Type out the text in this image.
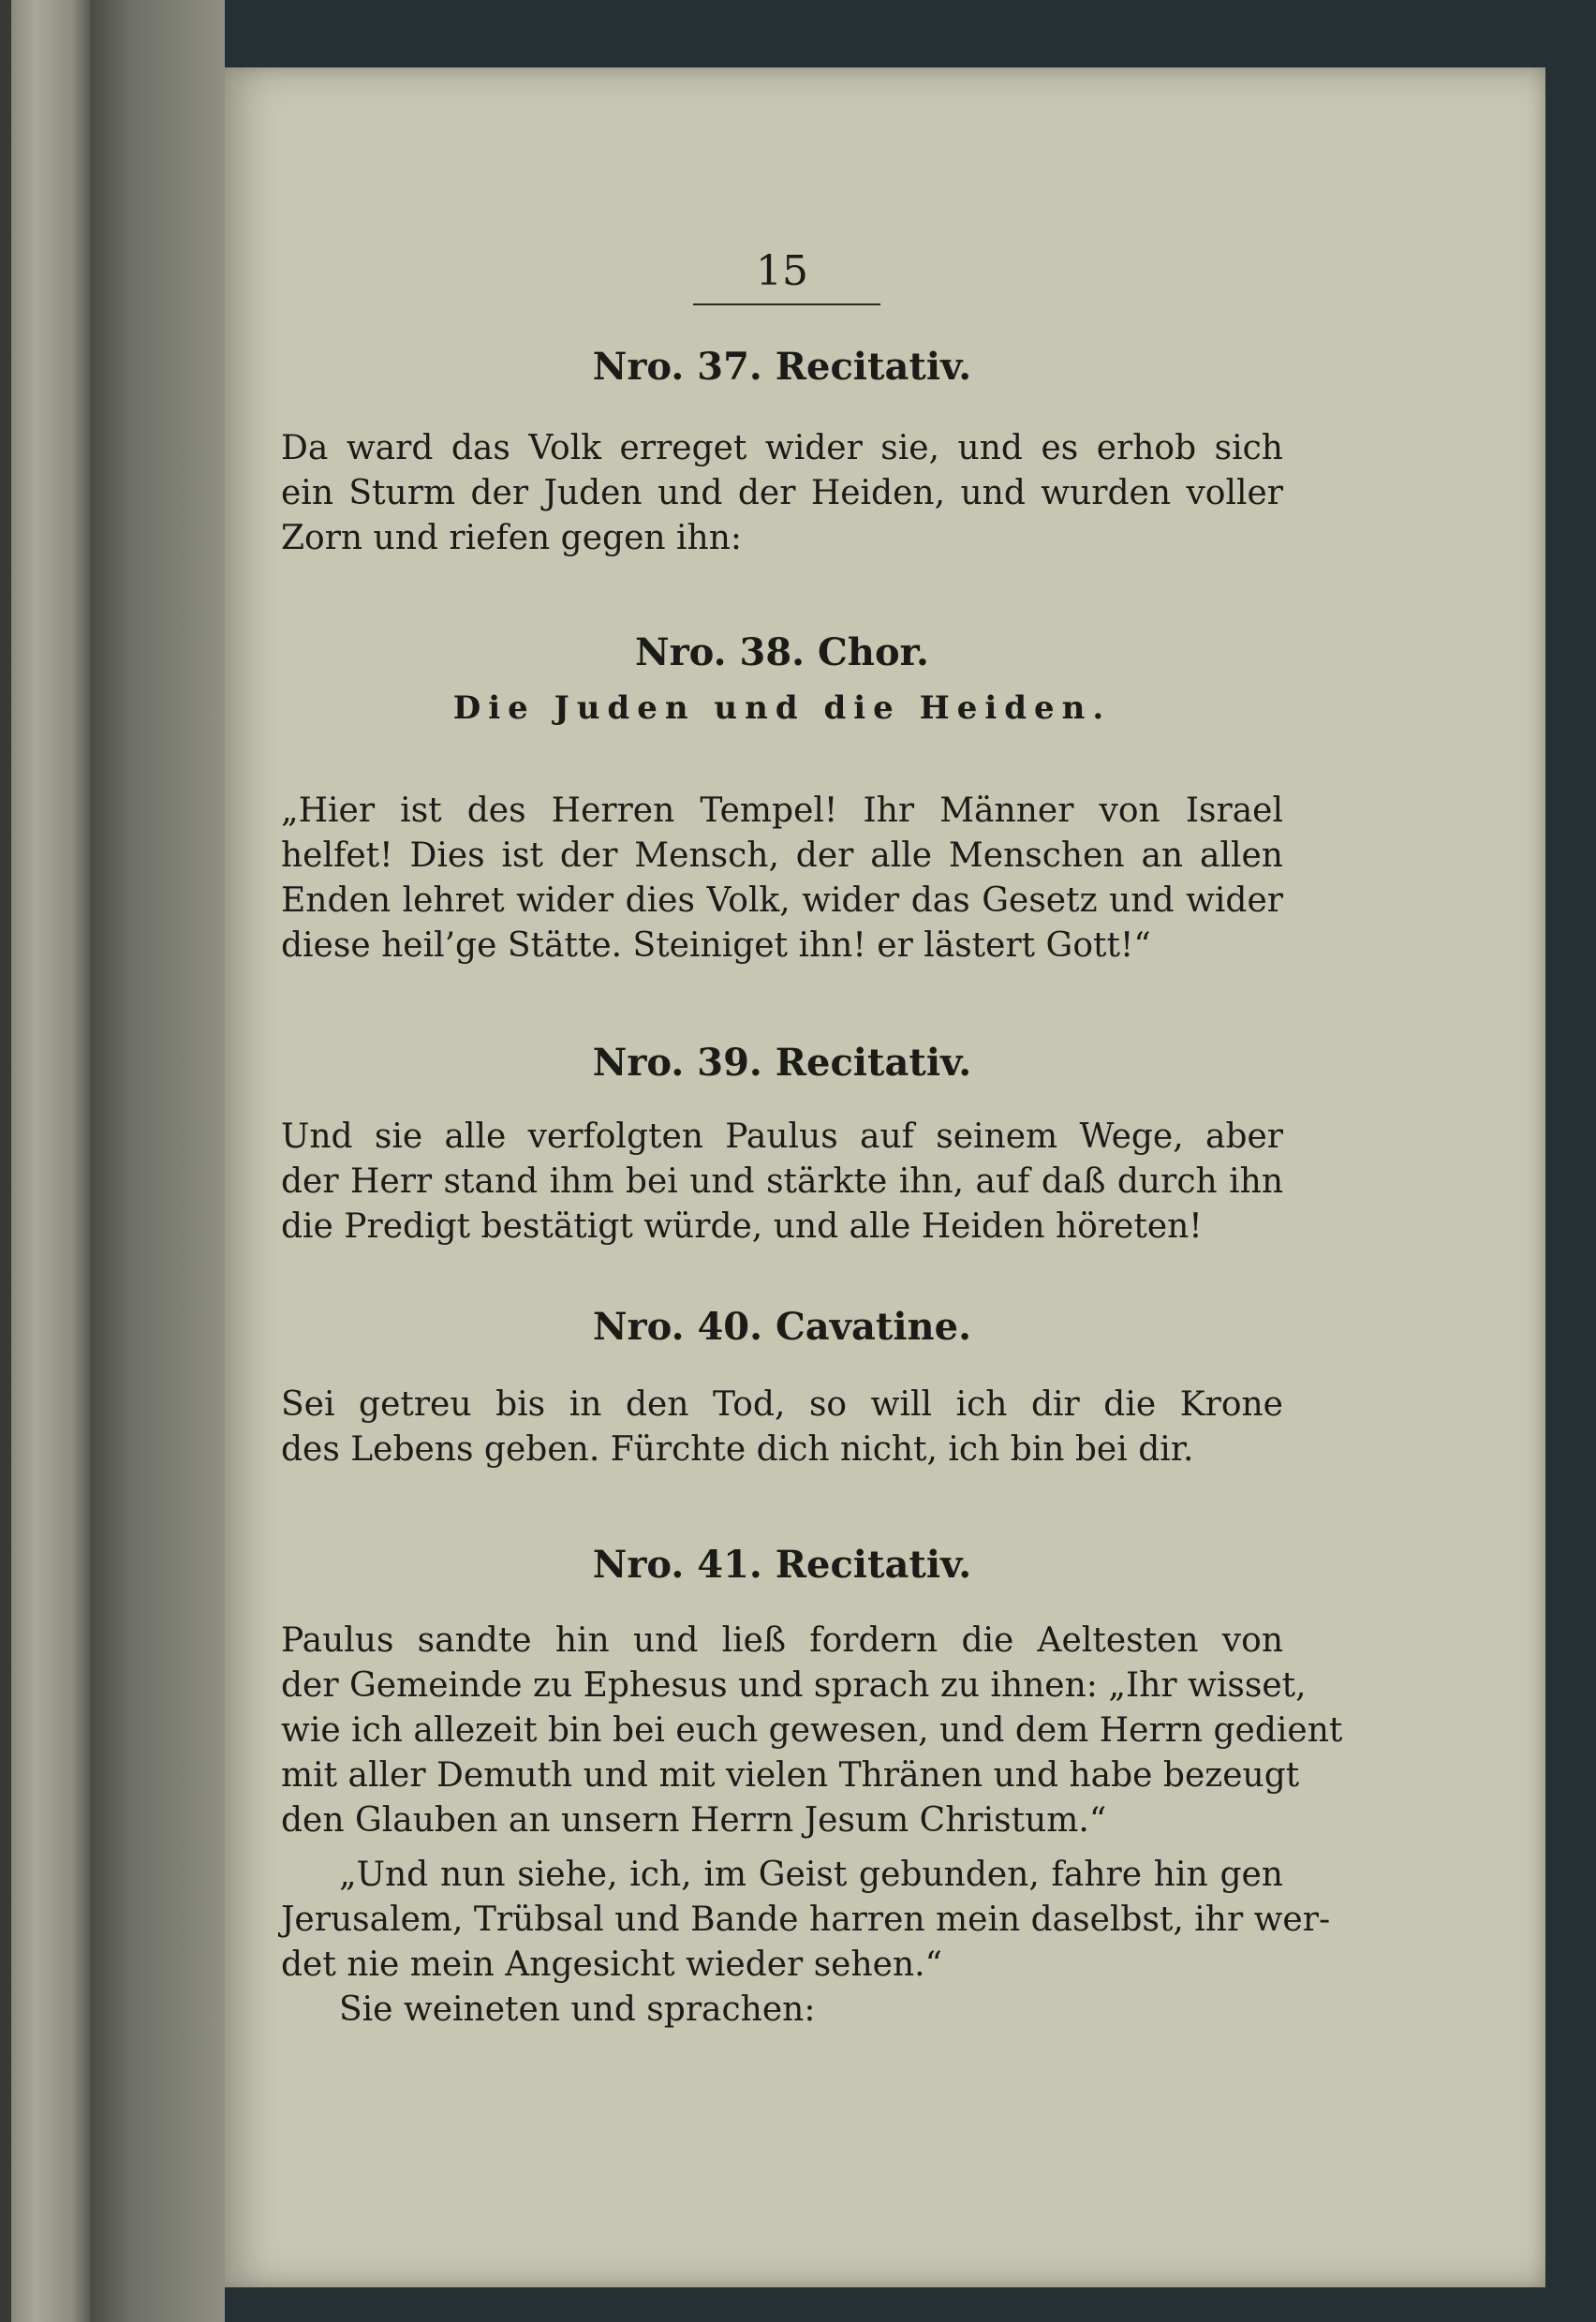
15
Nro. 37. Recitativ.
Da ward das Volk erreget wider sie, und es erhob sich
ein Sturm der Juden und der Heiden, und wurden voller
Zorn und riefen gegen ihn:
Nro. 38. Chor.
Die Juden und die Heiden.
„Hier ist des Herren Tempel! Ihr Männer von Israel
helfet! Dies ist der Mensch, der alle Menschen an allen
Enden lehret wider dies Volk, wider das Gesetz und wider
diese heil’ge Stätte. Steiniget ihn! er lästert Gott!“
Nro. 39. Recitativ.
Und sie alle verfolgten Paulus auf seinem Wege, aber
der Herr stand ihm bei und stärkte ihn, auf daß durch ihn
die Predigt bestätigt würde, und alle Heiden höreten!
Nro. 40. Cavatine.
Sei getreu bis in den Tod, so will ich dir die Krone
des Lebens geben. Fürchte dich nicht, ich bin bei dir.
Nro. 41. Recitativ.
Paulus sandte hin und ließ fordern die Aeltesten von
der Gemeinde zu Ephesus und sprach zu ihnen: „Ihr wisset,
wie ich allezeit bin bei euch gewesen, und dem Herrn gedient
mit aller Demuth und mit vielen Thränen und habe bezeugt
den Glauben an unsern Herrn Jesum Christum.“
„Und nun siehe, ich, im Geist gebunden, fahre hin gen
Jerusalem, Trübsal und Bande harren mein daselbst, ihr wer-
det nie mein Angesicht wieder sehen.“
Sie weineten und sprachen:
